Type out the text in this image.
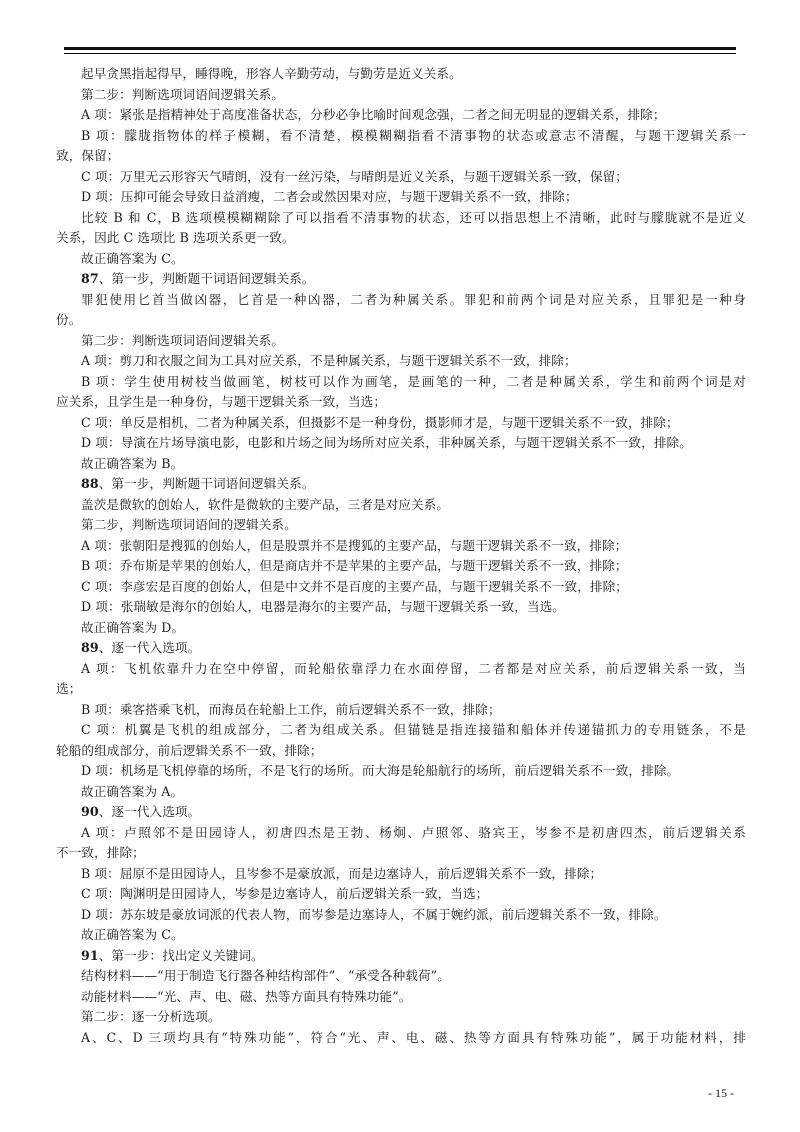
起早贪黑指起得早，睡得晚，形容人辛勤劳动，与勤劳是近义关系。
第二步：判断选项词语间逻辑关系。
A 项：紧张是指精神处于高度准备状态，分秒必争比喻时间观念强，二者之间无明显的逻辑关系，排除；
B 项：朦胧指物体的样子模糊，看不清楚，模模糊糊指看不清事物的状态或意志不清醒，与题干逻辑关系一
致，保留；
C 项：万里无云形容天气晴朗，没有一丝污染，与晴朗是近义关系，与题干逻辑关系一致，保留；
D 项：压抑可能会导致日益消瘦，二者会或然因果对应，与题干逻辑关系不一致，排除；
比较 B 和 C，B 选项模模糊糊除了可以指看不清事物的状态，还可以指思想上不清晰，此时与朦胧就不是近义
关系，因此 C 选项比 B 选项关系更一致。
故正确答案为 C。
87、第一步，判断题干词语间逻辑关系。
罪犯使用匕首当做凶器，匕首是一种凶器，二者为种属关系。罪犯和前两个词是对应关系，且罪犯是一种身
份。
第二步：判断选项词语间逻辑关系。
A 项：剪刀和衣服之间为工具对应关系，不是种属关系，与题干逻辑关系不一致，排除；
B 项：学生使用树枝当做画笔，树枝可以作为画笔，是画笔的一种，二者是种属关系，学生和前两个词是对
应关系，且学生是一种身份，与题干逻辑关系一致，当选；
C 项：单反是相机，二者为种属关系，但摄影不是一种身份，摄影师才是，与题干逻辑关系不一致，排除；
D 项：导演在片场导演电影，电影和片场之间为场所对应关系，非种属关系，与题干逻辑关系不一致，排除。
故正确答案为 B。
88、第一步，判断题干词语间逻辑关系。
盖茨是微软的创始人，软件是微软的主要产品，三者是对应关系。
第二步，判断选项词语间的逻辑关系。
A 项：张朝阳是搜狐的创始人，但是股票并不是搜狐的主要产品，与题干逻辑关系不一致，排除；
B 项：乔布斯是苹果的创始人，但是商店并不是苹果的主要产品，与题干逻辑关系不一致，排除；
C 项：李彦宏是百度的创始人，但是中文并不是百度的主要产品，与题干逻辑关系不一致，排除；
D 项：张瑞敏是海尔的创始人，电器是海尔的主要产品，与题干逻辑关系一致，当选。
故正确答案为 D。
89、逐一代入选项。
A 项：飞机依靠升力在空中停留，而轮船依靠浮力在水面停留，二者都是对应关系，前后逻辑关系一致，当
选；
B 项：乘客搭乘飞机，而海员在轮船上工作，前后逻辑关系不一致，排除；
C 项：机翼是飞机的组成部分，二者为组成关系。但锚链是指连接锚和船体并传递锚抓力的专用链条，不是
轮船的组成部分，前后逻辑关系不一致，排除；
D 项：机场是飞机停靠的场所，不是飞行的场所。而大海是轮船航行的场所，前后逻辑关系不一致，排除。
故正确答案为 A。
90、逐一代入选项。
A 项：卢照邻不是田园诗人，初唐四杰是王勃、杨炯、卢照邻、骆宾王，岑参不是初唐四杰，前后逻辑关系
不一致，排除；
B 项：屈原不是田园诗人，且岑参不是豪放派，而是边塞诗人，前后逻辑关系不一致，排除；
C 项：陶渊明是田园诗人，岑参是边塞诗人，前后逻辑关系一致，当选；
D 项：苏东坡是豪放词派的代表人物，而岑参是边塞诗人，不属于婉约派，前后逻辑关系不一致，排除。
故正确答案为 C。
91、第一步：找出定义关键词。
结构材料——“用于制造飞行器各种结构部件”、“承受各种载荷”。
动能材料——“光、声、电、磁、热等方面具有特殊功能”。
第二步：逐一分析选项。
A、C、D 三项均具有“特殊功能”，符合“光、声、电、磁、热等方面具有特殊功能”，属于功能材料，排
- 15 -
